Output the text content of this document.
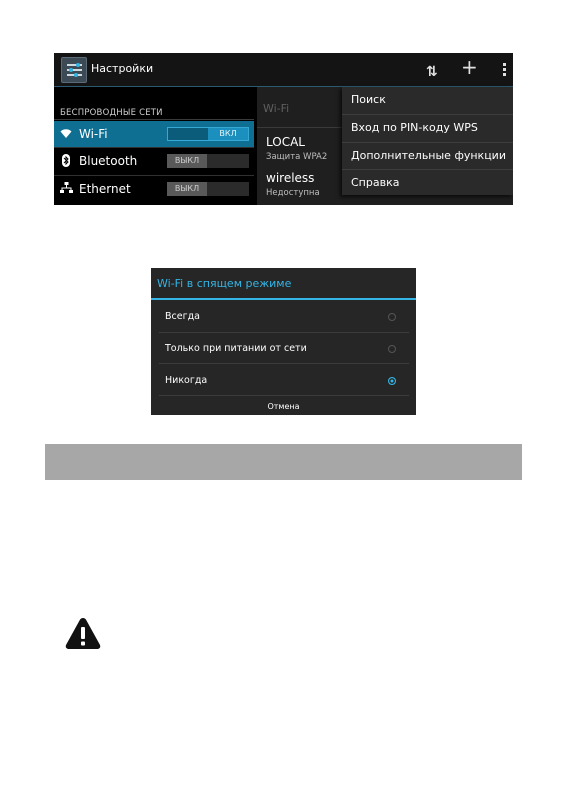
Настройки	⇅ +
БЕСПРОВОДНЫЕ СЕТИ
Wi-Fi	ВКЛ
Bluetooth	ВЫКЛ
Ethernet	ВЫКЛ
Wi-Fi
LOCAL
Защита WPA2
wireless
Недоступна
Поиск
Вход по PIN-коду WPS
Дополнительные функции
Справка
Wi-Fi в спящем режиме
Всегда
Только при питании от сети
Никогда
Отмена
